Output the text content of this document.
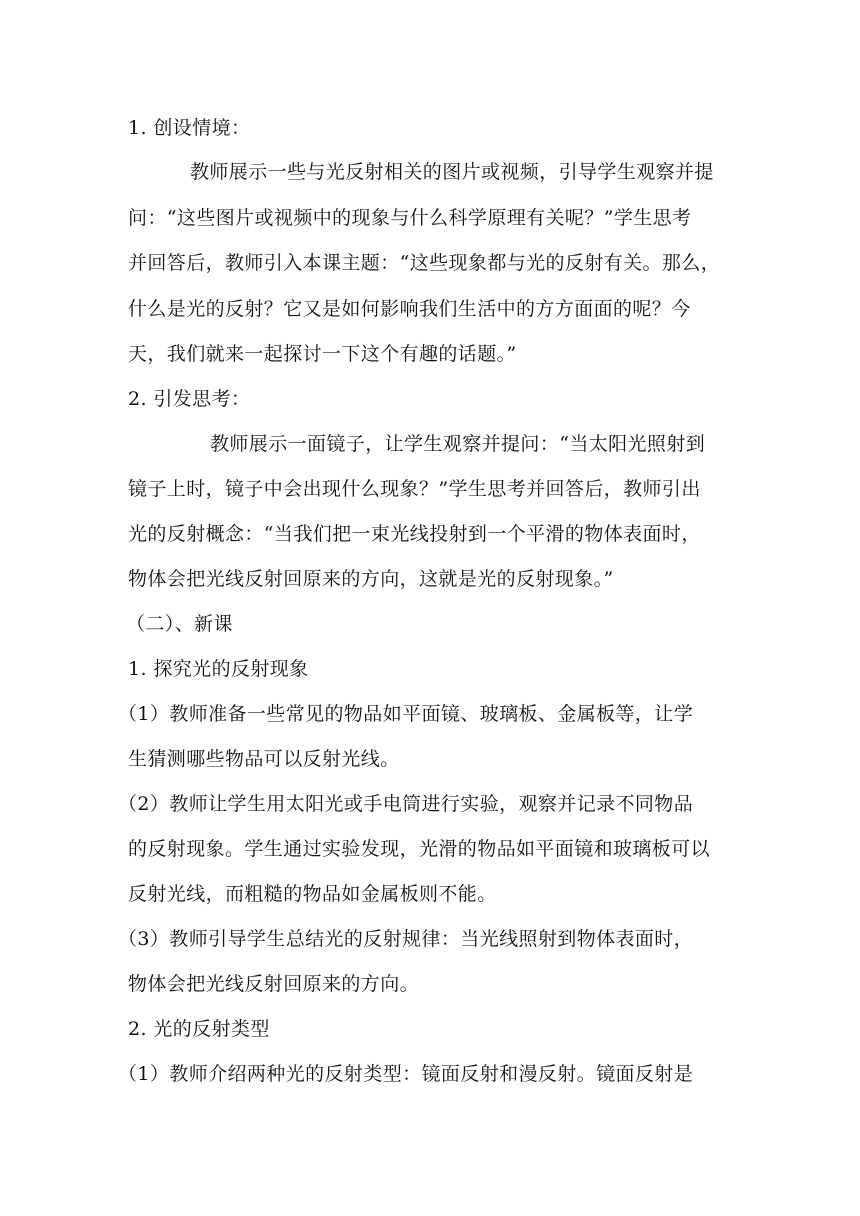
1. 创设情境：
教师展示一些与光反射相关的图片或视频，引导学生观察并提
问：“这些图片或视频中的现象与什么科学原理有关呢？”学生思考
并回答后，教师引入本课主题：“这些现象都与光的反射有关。那么，
什么是光的反射？它又是如何影响我们生活中的方方面面的呢？今
天，我们就来一起探讨一下这个有趣的话题。”
2. 引发思考：
教师展示一面镜子，让学生观察并提问：“当太阳光照射到
镜子上时，镜子中会出现什么现象？”学生思考并回答后，教师引出
光的反射概念：“当我们把一束光线投射到一个平滑的物体表面时，
物体会把光线反射回原来的方向，这就是光的反射现象。”
（二）、新课
1. 探究光的反射现象
（1）教师准备一些常见的物品如平面镜、玻璃板、金属板等，让学
生猜测哪些物品可以反射光线。
（2）教师让学生用太阳光或手电筒进行实验，观察并记录不同物品
的反射现象。学生通过实验发现，光滑的物品如平面镜和玻璃板可以
反射光线，而粗糙的物品如金属板则不能。
（3）教师引导学生总结光的反射规律：当光线照射到物体表面时，
物体会把光线反射回原来的方向。
2. 光的反射类型
（1）教师介绍两种光的反射类型：镜面反射和漫反射。镜面反射是
